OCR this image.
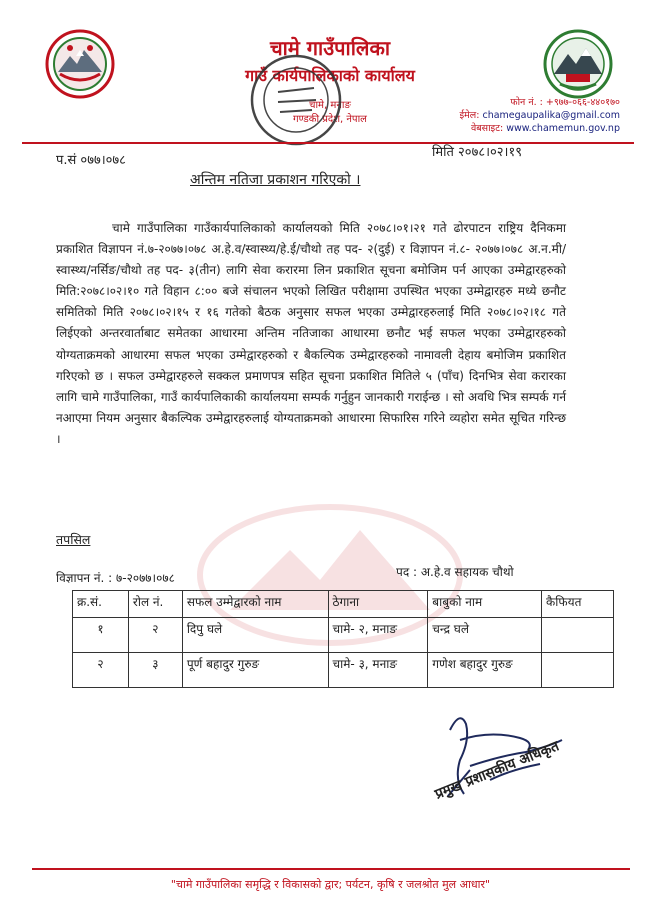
चामे गाउँपालिका
गाउँ कार्यपालिकाको कार्यालय
चामे, मनाङ
गण्डकी प्रदेश, नेपाल
फोन नं. : +९७७-०६६-४४०१७०
ईमेल: chamegaupalika@gmail.com
वेबसाइट: www.chamemun.gov.np
प.सं ०७७।०७८
मिति २०७८।०२।१९
अन्तिम नतिजा प्रकाशन गरिएको ।
चामे गाउँपालिका गाउँकार्यपालिकाको कार्यालयको मिति २०७८।०१।२१ गते ढोरपाटन राष्ट्रिय दैनिकमा प्रकाशित विज्ञापन नं.७-२०७७।०७८ अ.हे.व/स्वास्थ्य/हे.ई/चौथो तह पद- २(दुई) र विज्ञापन नं.८- २०७७।०७८ अ.न.मी/स्वास्थ्य/नर्सिङ/चौथो तह पद- ३(तीन) लागि सेवा करारमा लिन प्रकाशित सूचना बमोजिम पर्न आएका उम्मेद्वारहरुको मिति:२०७८।०२।१० गते विहान ८:०० बजे संचालन भएको लिखित परीक्षामा उपस्थित भएका उम्मेद्वारहरु मध्ये छनौट समितिको मिति २०७८।०२।१५ र १६ गतेको बैठक अनुसार सफल भएका उम्मेद्वारहरुलाई मिति २०७८।०२।१८ गते लिईएको अन्तरवार्ताबाट समेतका आधारमा अन्तिम नतिजाका आधारमा छनौट भई सफल भएका उम्मेद्वारहरुको योग्यताक्रमको आधारमा सफल भएका उम्मेद्वारहरुको र बैकल्पिक उम्मेद्वारहरुको नामावली देहाय बमोजिम प्रकाशित गरिएको छ । सफल उम्मेद्वारहरुले सक्कल प्रमाणपत्र सहित सूचना प्रकाशित मितिले ५ (पाँच) दिनभित्र सेवा करारका लागि चामे गाउँपालिका, गाउँ कार्यपालिकाकी कार्यालयमा सम्पर्क गर्नुहुन जानकारी गराईन्छ । सो अवधि भित्र सम्पर्क गर्न नआएमा नियम अनुसार बैकल्पिक उम्मेद्वारहरुलाई योग्यताक्रमको आधारमा सिफारिस गरिने व्यहोरा समेत सूचित गरिन्छ ।
तपसिल
विज्ञापन नं. : ७-२०७७।०७८	पद : अ.हे.व सहायक चौथो
क्र.सं.	रोल नं.	सफल उम्मेद्वारको नाम	ठेगाना	बाबुको नाम	कैफियत
१	२	दिपु घले	चामे- २, मनाङ	चन्द्र घले	
२	३	पूर्ण बहादुर गुरुङ	चामे- ३, मनाङ	गणेश बहादुर गुरुङ	
प्रमुख प्रशासकीय अधिकृत
"चामे गाउँपालिका समृद्धि र विकासको द्वार; पर्यटन, कृषि र जलश्रोत मुल आधार"
